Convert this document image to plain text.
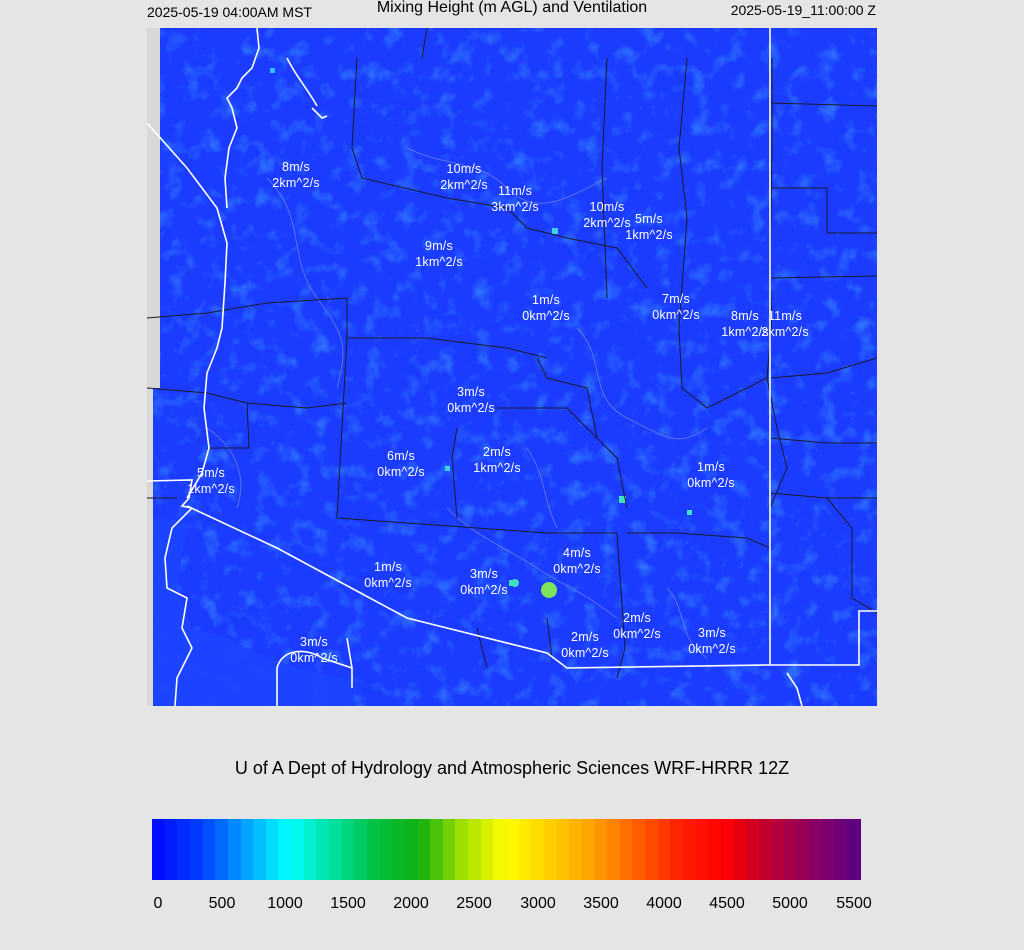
2025-05-19 04:00AM MST	Mixing Height (m AGL) and Ventilation	2025-05-19_11:00:00 Z
8m/s
2km^2/s
10m/s
2km^2/s 11m/s
3km^2/s	10m/s
2km^2/s 5m/s
1km^2/s
9m/s
1km^2/s
1m/s
0km^2/s
7m/s
0km^2/s	8m/s
1km^2/s
11m/s
2km^2/s
3m/s
0km^2/s
6m/s
0km^2/s
2m/s
1km^2/s	1m/s
0km^2/s
5m/s
1km^2/s
4m/s
0km^2/s
1m/s
0km^2/s
3m/s
0km^2/s
2m/s
0km^2/s	3m/s
0km^2/s
2m/s
0km^2/s
3m/s
0km^2/s
U of A Dept of Hydrology and Atmospheric Sciences WRF-HRRR 12Z
0	500 1000 1500 2000 2500 3000 3500 4000 4500 5000 5500
